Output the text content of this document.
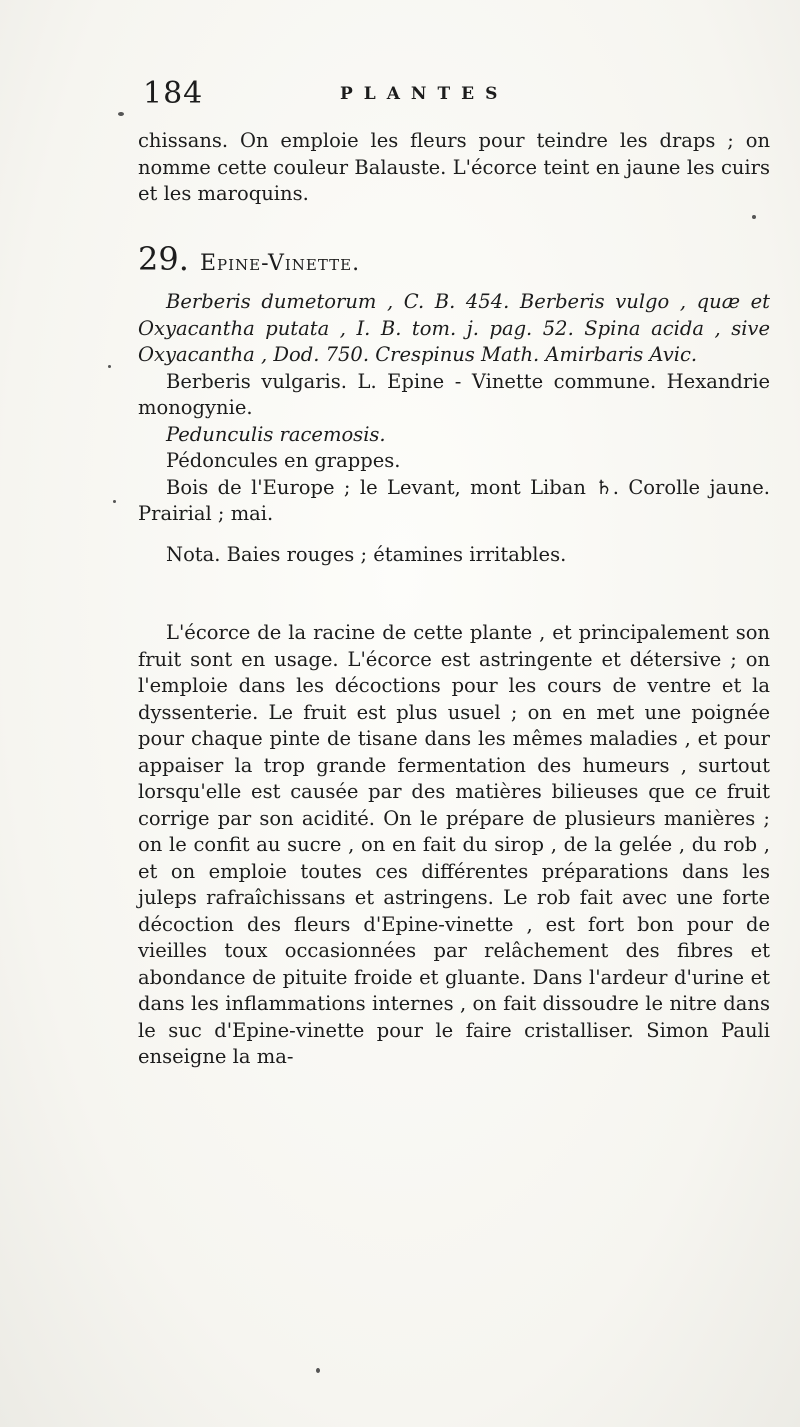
184	PLANTES

chissans. On emploie les fleurs pour teindre les draps ; on nomme cette couleur Balauste. L'écorce teint en jaune les cuirs et les maroquins.

29. Epine-Vinette.

Berberis dumetorum , C. B. 454. Berberis vulgo , quæ et Oxyacantha putata , I. B. tom. j. pag. 52. Spina acida , sive Oxyacantha , Dod. 750. Crespinus Math. Amirbaris Avic.

Berberis vulgaris. L. Epine - Vinette commune. Hexandrie monogynie.

Pedunculis racemosis.

Pédoncules en grappes.

Bois de l'Europe ; le Levant, mont Liban ♄. Corolle jaune. Prairial ; mai.

Nota. Baies rouges ; étamines irritables.

L'écorce de la racine de cette plante , et principalement son fruit sont en usage. L'écorce est astringente et détersive ; on l'emploie dans les décoctions pour les cours de ventre et la dyssenterie. Le fruit est plus usuel ; on en met une poignée pour chaque pinte de tisane dans les mêmes maladies , et pour appaiser la trop grande fermentation des humeurs , surtout lorsqu'elle est causée par des matières bilieuses que ce fruit corrige par son acidité. On le prépare de plusieurs manières ; on le confit au sucre , on en fait du sirop , de la gelée , du rob , et on emploie toutes ces différentes préparations dans les juleps rafraîchissans et astringens. Le rob fait avec une forte décoction des fleurs d'Epine-vinette , est fort bon pour de vieilles toux occasionnées par relâchement des fibres et abondance de pituite froide et gluante. Dans l'ardeur d'urine et dans les inflammations internes , on fait dissoudre le nitre dans le suc d'Epine-vinette pour le faire cristalliser. Simon Pauli enseigne la ma-
